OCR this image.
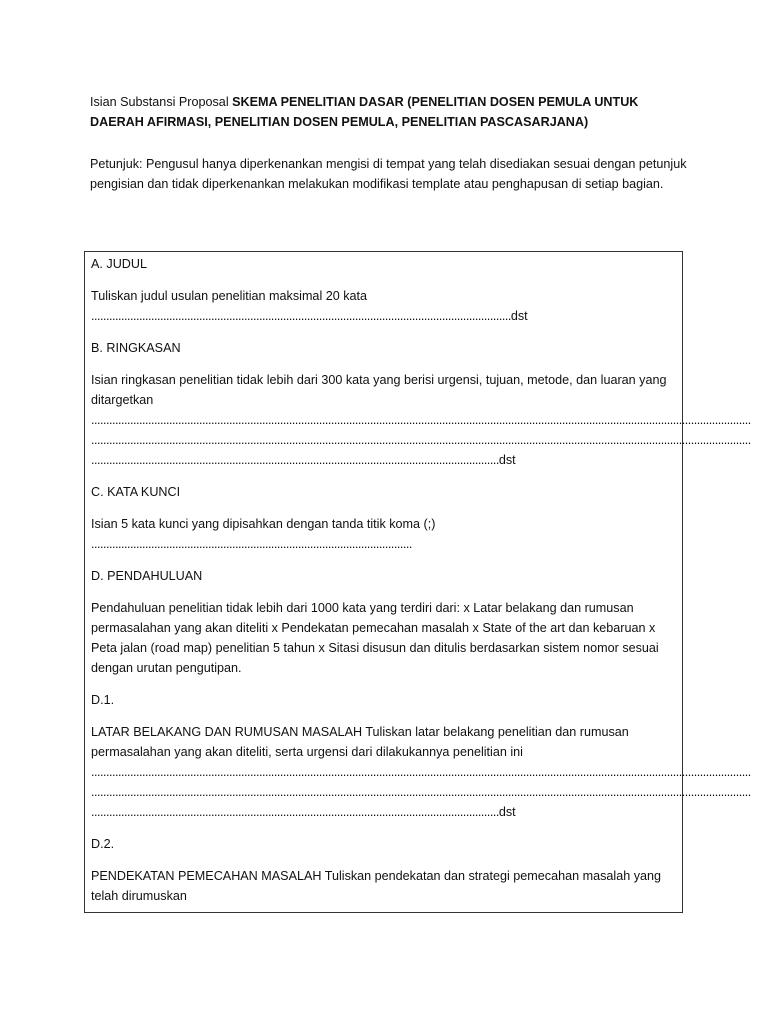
Isian Substansi Proposal SKEMA PENELITIAN DASAR (PENELITIAN DOSEN PEMULA UNTUK DAERAH AFIRMASI, PENELITIAN DOSEN PEMULA, PENELITIAN PASCASARJANA)

Petunjuk: Pengusul hanya diperkenankan mengisi di tempat yang telah disediakan sesuai dengan petunjuk pengisian dan tidak diperkenankan melakukan modifikasi template atau penghapusan di setiap bagian.

A. JUDUL

Tuliskan judul usulan penelitian maksimal 20 kata

............................................................................................................................................dst

B. RINGKASAN

Isian ringkasan penelitian tidak lebih dari 300 kata yang berisi urgensi, tujuan, metode, dan luaran yang ditargetkan

............................................................................................................................................................................................................................
............................................................................................................................................................................................................................
........................................................................................................................................dst

C. KATA KUNCI

Isian 5 kata kunci yang dipisahkan dengan tanda titik koma (;)

...........................................................................................................

D. PENDAHULUAN

Pendahuluan penelitian tidak lebih dari 1000 kata yang terdiri dari: x Latar belakang dan rumusan permasalahan yang akan diteliti x Pendekatan pemecahan masalah x State of the art dan kebaruan x Peta jalan (road map) penelitian 5 tahun x Sitasi disusun dan ditulis berdasarkan sistem nomor sesuai dengan urutan pengutipan.

D.1.

LATAR BELAKANG DAN RUMUSAN MASALAH Tuliskan latar belakang penelitian dan rumusan permasalahan yang akan diteliti, serta urgensi dari dilakukannya penelitian ini

............................................................................................................................................................................................................................
............................................................................................................................................................................................................................
........................................................................................................................................dst

D.2.

PENDEKATAN PEMECAHAN MASALAH Tuliskan pendekatan dan strategi pemecahan masalah yang telah dirumuskan
